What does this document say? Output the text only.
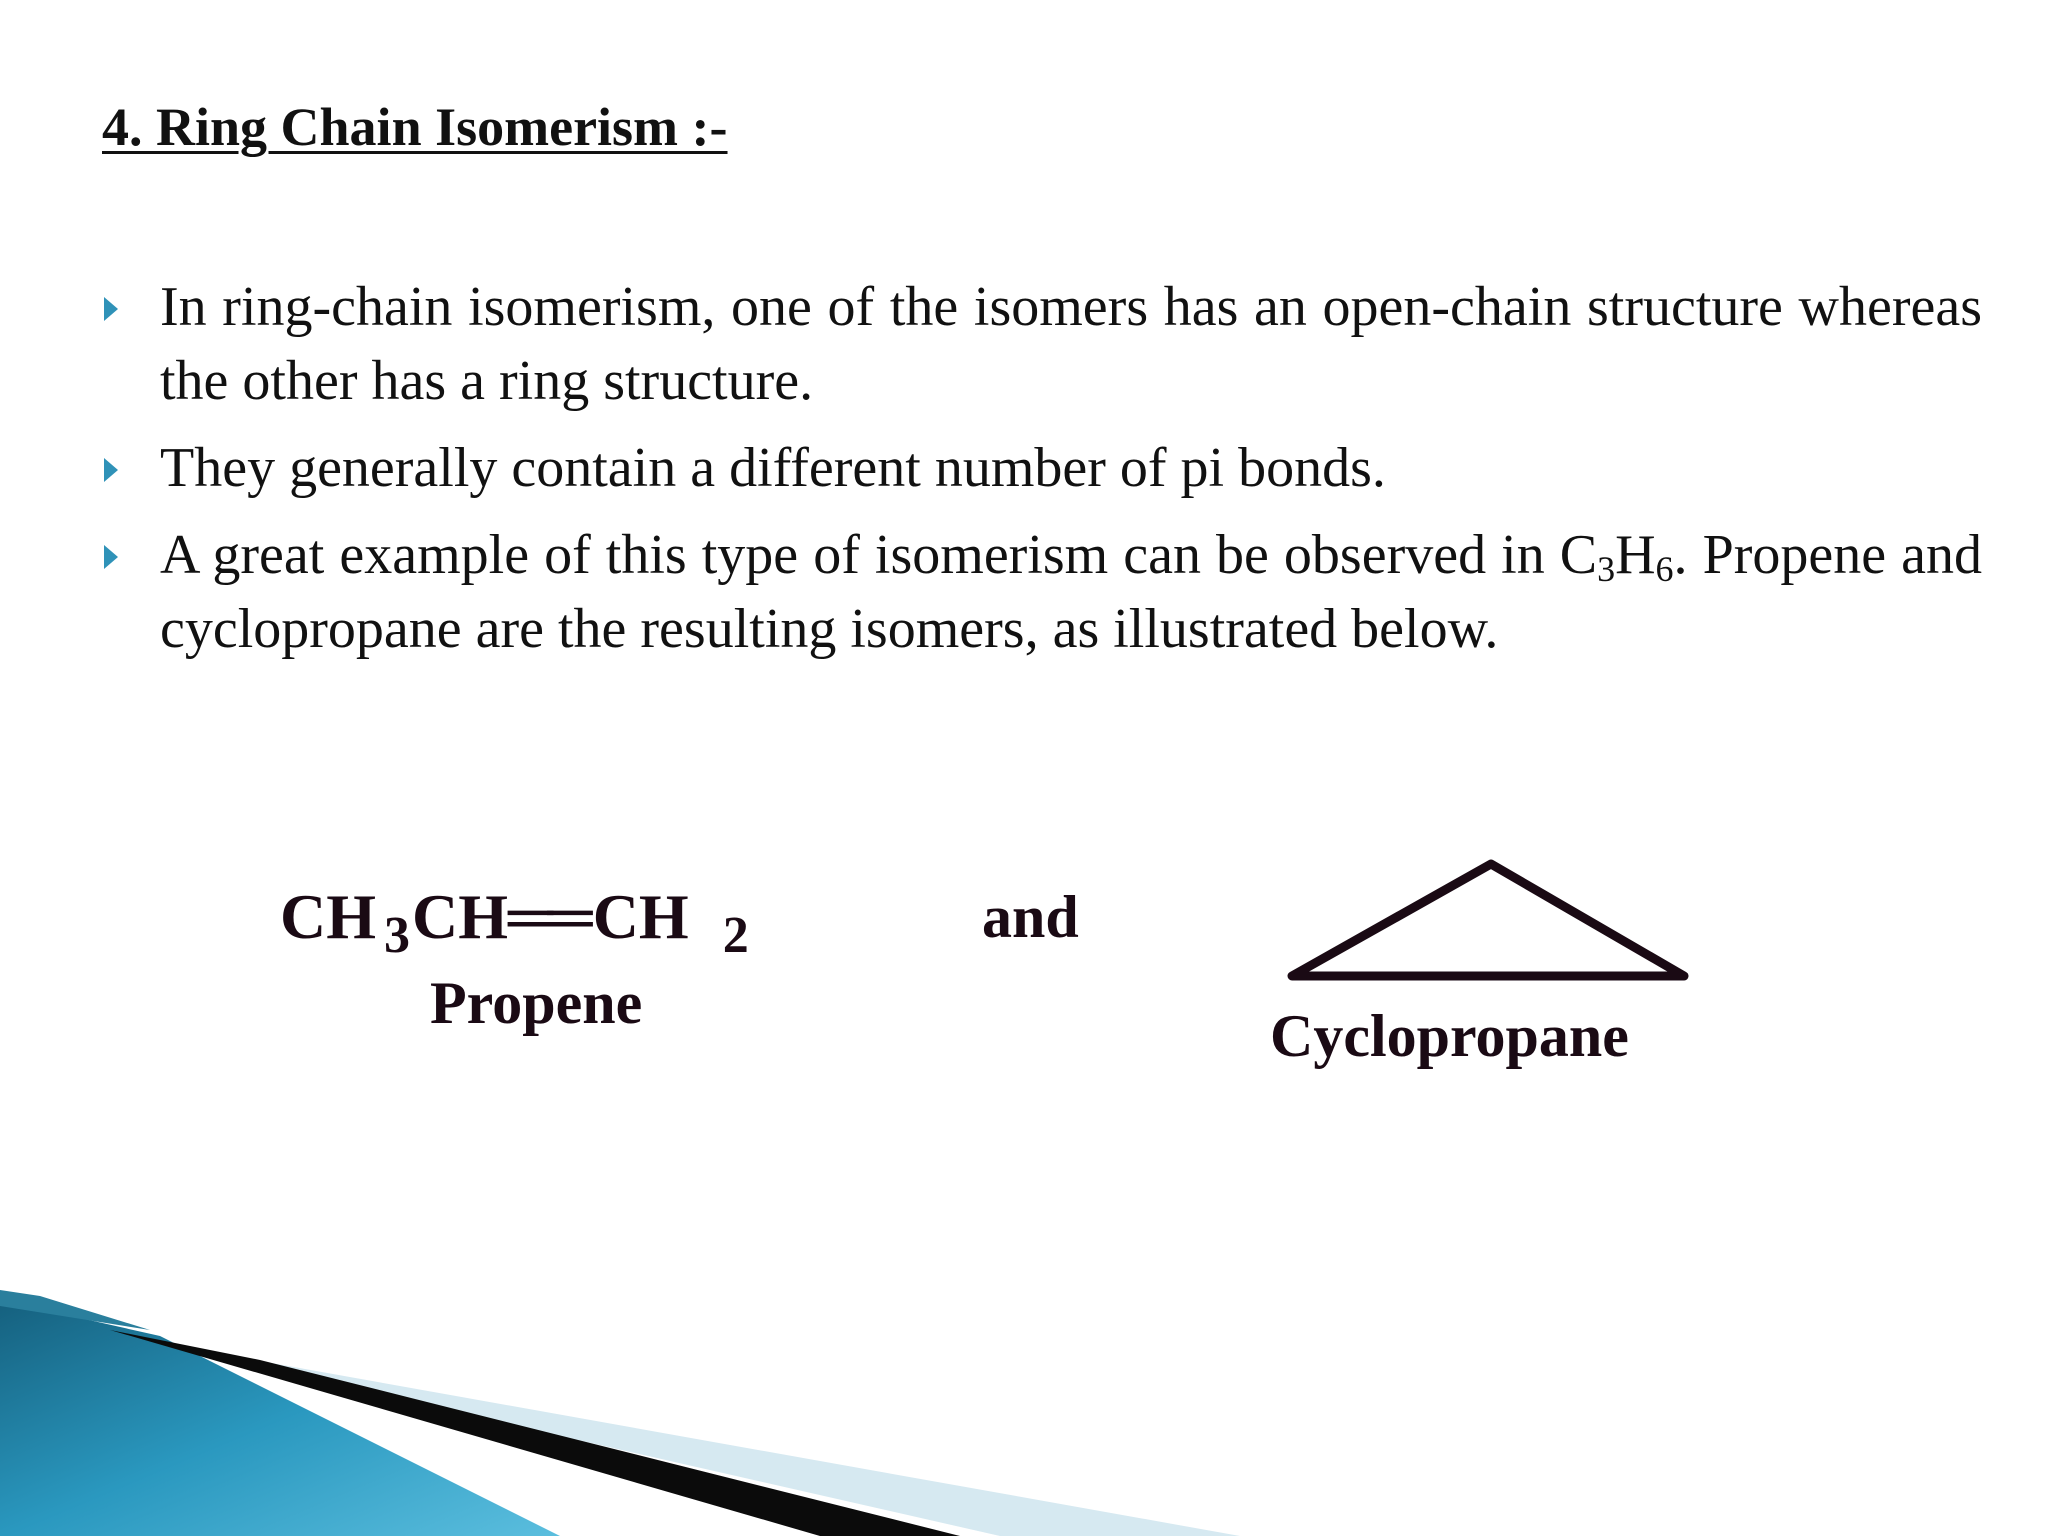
4. Ring Chain Isomerism :-
In ring-chain isomerism, one of the isomers has an open-chain structure whereas the other has a ring structure.
They generally contain a different number of pi bonds.
A great example of this type of isomerism can be observed in $C_3H_6$. Propene and cyclopropane are the resulting isomers, as illustrated below.
CH $_3$CH══CH $_2$
Propene
and
Cyclopropane
